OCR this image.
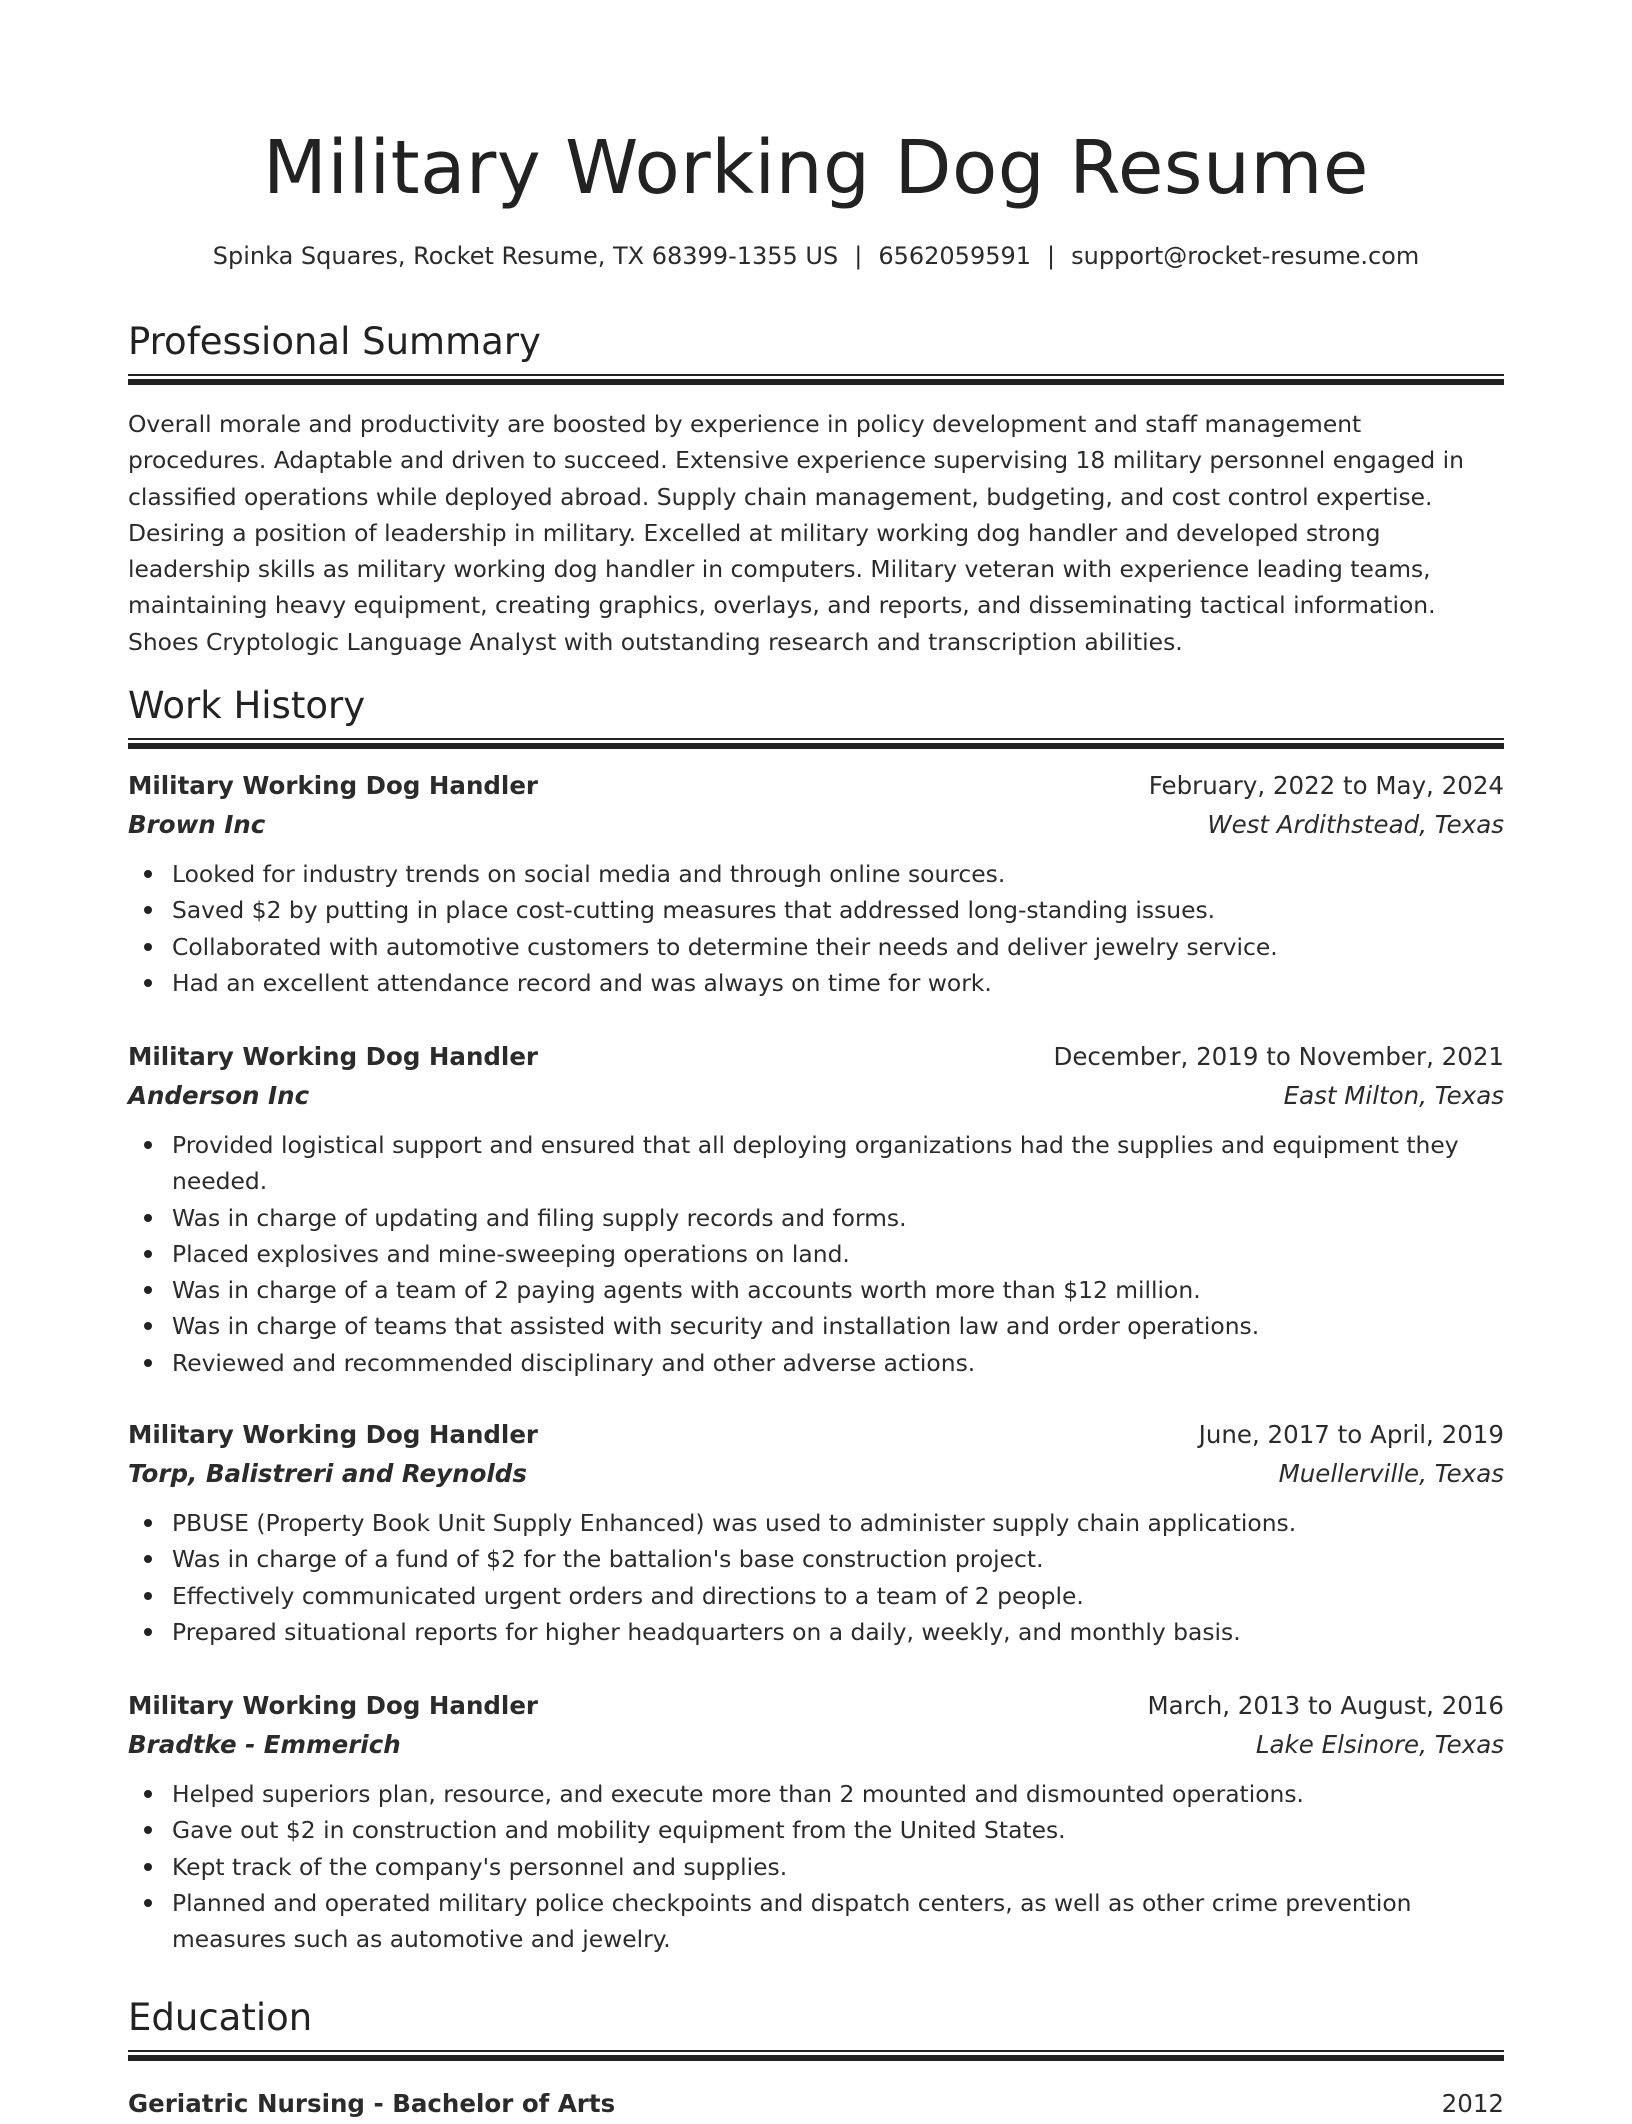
Military Working Dog Resume
Spinka Squares, Rocket Resume, TX 68399-1355 US | 6562059591 | support@rocket-resume.com
Professional Summary

Overall morale and productivity are boosted by experience in policy development and staff management procedures. Adaptable and driven to succeed. Extensive experience supervising 18 military personnel engaged in classified operations while deployed abroad. Supply chain management, budgeting, and cost control expertise. Desiring a position of leadership in military. Excelled at military working dog handler and developed strong leadership skills as military working dog handler in computers. Military veteran with experience leading teams, maintaining heavy equipment, creating graphics, overlays, and reports, and disseminating tactical information. Shoes Cryptologic Language Analyst with outstanding research and transcription abilities.

Work History
Military Working Dog Handler	February, 2022 to May, 2024
Brown Inc	West Ardithstead, Texas
Looked for industry trends on social media and through online sources.
Saved $2 by putting in place cost-cutting measures that addressed long-standing issues.
Collaborated with automotive customers to determine their needs and deliver jewelry service.
Had an excellent attendance record and was always on time for work.
Military Working Dog Handler	December, 2019 to November, 2021
Anderson Inc	East Milton, Texas
Provided logistical support and ensured that all deploying organizations had the supplies and equipment they needed.
Was in charge of updating and filing supply records and forms.
Placed explosives and mine-sweeping operations on land.
Was in charge of a team of 2 paying agents with accounts worth more than $12 million.
Was in charge of teams that assisted with security and installation law and order operations.
Reviewed and recommended disciplinary and other adverse actions.
Military Working Dog Handler	June, 2017 to April, 2019
Torp, Balistreri and Reynolds	Muellerville, Texas
PBUSE (Property Book Unit Supply Enhanced) was used to administer supply chain applications.
Was in charge of a fund of $2 for the battalion's base construction project.
Effectively communicated urgent orders and directions to a team of 2 people.
Prepared situational reports for higher headquarters on a daily, weekly, and monthly basis.
Military Working Dog Handler	March, 2013 to August, 2016
Bradtke - Emmerich	Lake Elsinore, Texas
Helped superiors plan, resource, and execute more than 2 mounted and dismounted operations.
Gave out $2 in construction and mobility equipment from the United States.
Kept track of the company's personnel and supplies.
Planned and operated military police checkpoints and dispatch centers, as well as other crime prevention measures such as automotive and jewelry.
Education
Geriatric Nursing - Bachelor of Arts	2012
